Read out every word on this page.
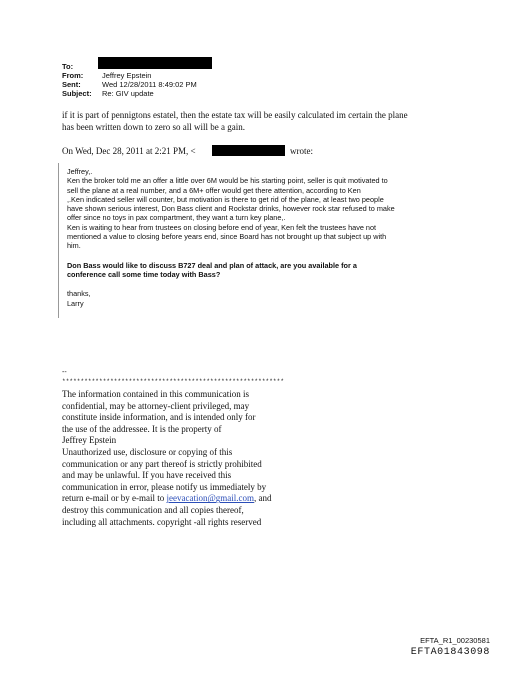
To:
From:	Jeffrey Epstein
Sent:	Wed 12/28/2011 8:49:02 PM
Subject: Re: GIV update
if it is part of pennigtons estatel, then the estate tax will be easily calculated im certain the plane
has been written down to zero so all will be a gain.
On Wed, Dec 28, 2011 at 2:21 PM, <	wrote:
Jeffrey,.
Ken the broker told me an offer a little over 6M would be his starting point, seller is quit motivated to
sell the plane at a real number, and a 6M+ offer would get there attention, according to Ken
,.Ken indicated seller will counter, but motivation is there to get rid of the plane, at least two people
have shown serious interest, Don Bass client and Rockstar drinks, however rock star refused to make
offer since no toys in pax compartment, they want a turn key plane,.
Ken is waiting to hear from trustees on closing before end of year, Ken felt the trustees have not
mentioned a value to closing before years end, since Board has not brought up that subject up with
him.
Don Bass would like to discuss B727 deal and plan of attack, are you available for a
conference call some time today with Bass?
thanks,
Larry
--
************************************************************
The information contained in this communication is
confidential, may be attorney-client privileged, may
constitute inside information, and is intended only for
the use of the addressee. It is the property of
Jeffrey Epstein
Unauthorized use, disclosure or copying of this
communication or any part thereof is strictly prohibited
and may be unlawful. If you have received this
communication in error, please notify us immediately by
return e-mail or by e-mail to jeevacation@gmail.com, and
destroy this communication and all copies thereof,
including all attachments. copyright -all rights reserved
EFTA_R1_00230581
EFTA01843098
